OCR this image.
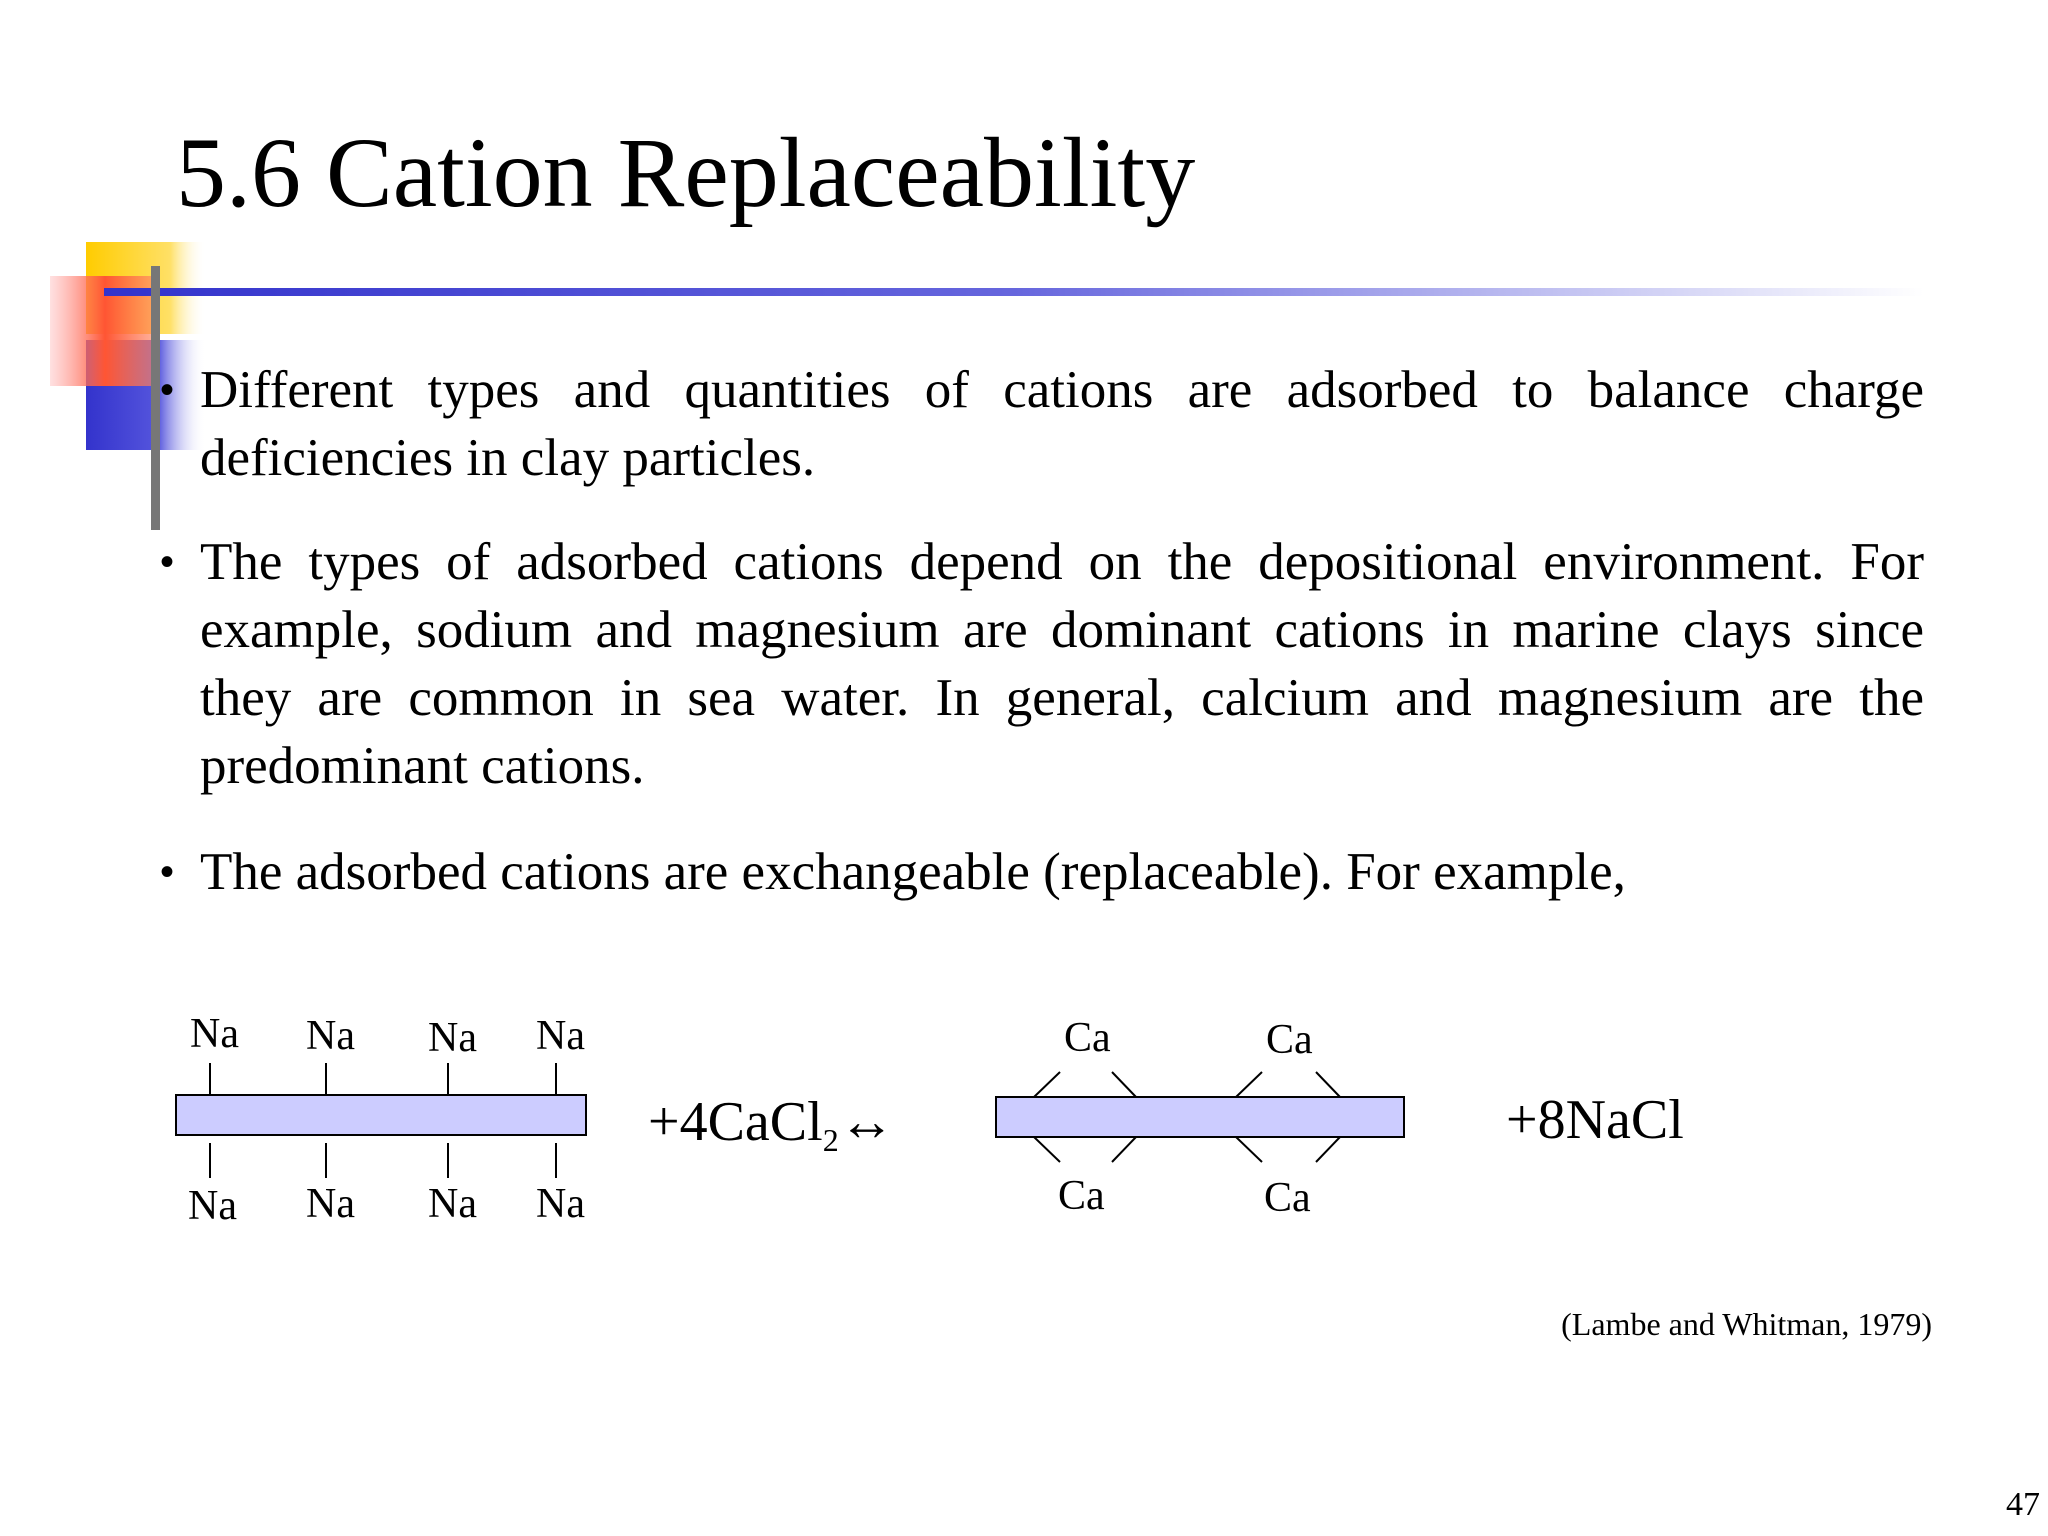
5.6 Cation Replaceability
• Different types and quantities of cations are adsorbed to balance charge deficiencies in clay particles.
• The types of adsorbed cations depend on the depositional environment. For example, sodium and magnesium are dominant cations in marine clays since they are common in sea water. In general, calcium and magnesium are the predominant cations.
• The adsorbed cations are exchangeable (replaceable). For example,
Na Na Na Na
Na Na Na Na
+4CaCl$_2$↔
Ca	Ca
Ca	Ca
+8NaCl
(Lambe and Whitman, 1979)
47
